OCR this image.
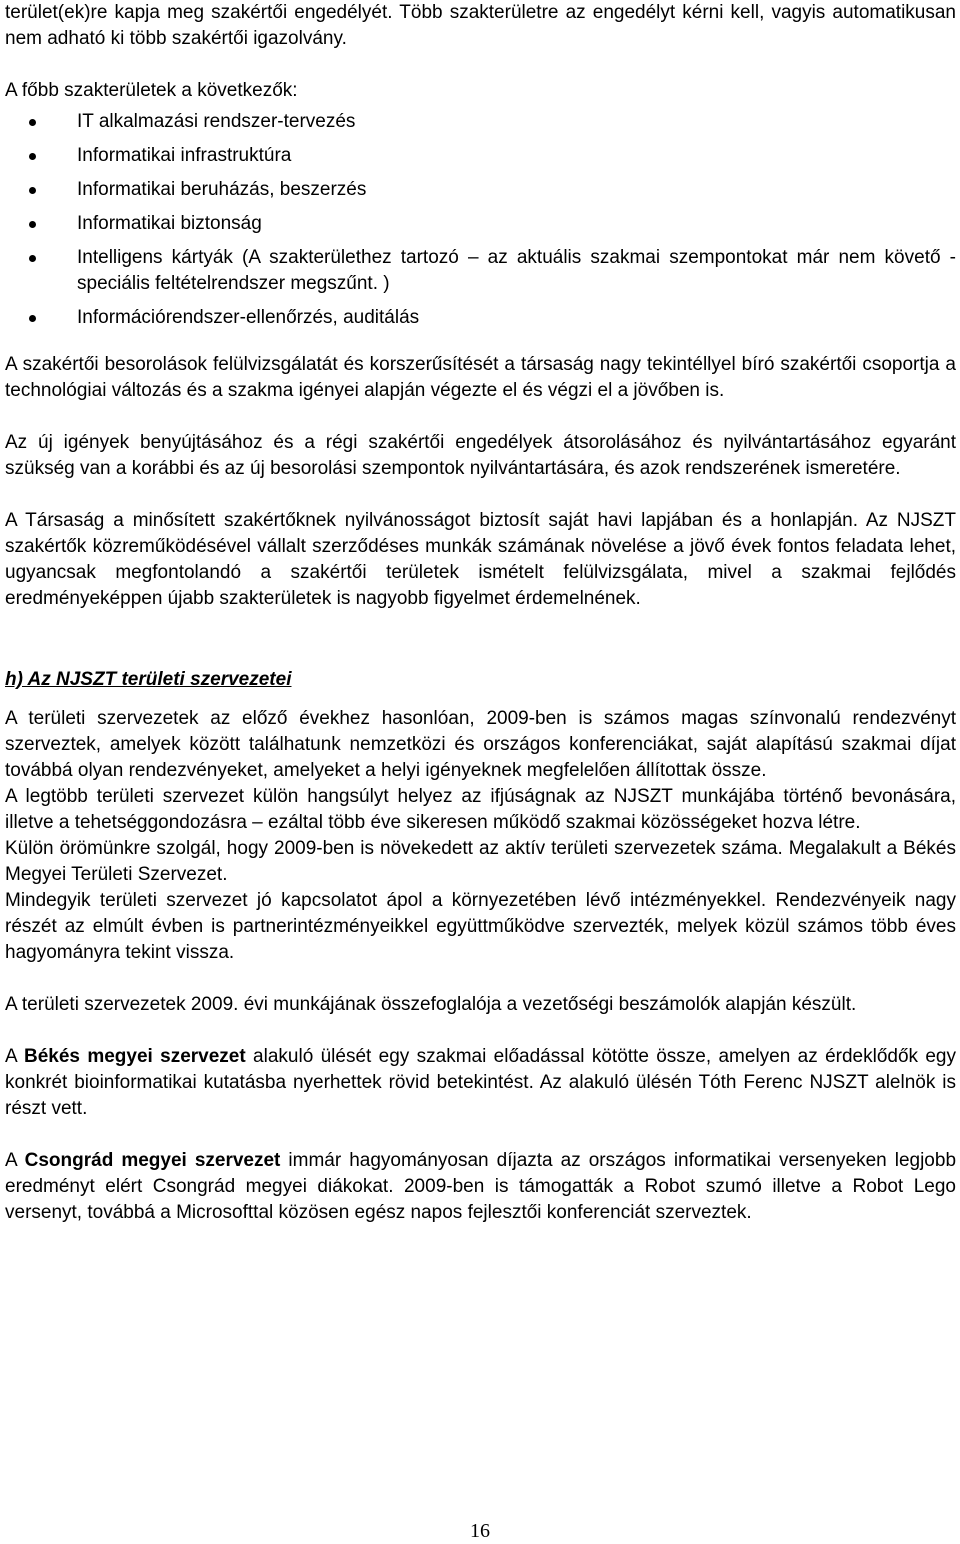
terület(ek)re kapja meg szakértői engedélyét. Több szakterületre az engedélyt kérni kell, vagyis automatikusan nem adható ki több szakértői igazolvány.

A főbb szakterületek a következők:

IT alkalmazási rendszer-tervezés
Informatikai infrastruktúra
Informatikai beruházás, beszerzés
Informatikai biztonság
Intelligens kártyák (A szakterülethez tartozó – az aktuális szakmai szempontokat már nem követő - speciális feltételrendszer megszűnt. )
Információrendszer-ellenőrzés, auditálás

A szakértői besorolások felülvizsgálatát és korszerűsítését a társaság nagy tekintéllyel bíró szakértői csoportja a technológiai változás és a szakma igényei alapján végezte el és végzi el a jövőben is.

Az új igények benyújtásához és a régi szakértői engedélyek átsorolásához és nyilvántartásához egyaránt szükség van a korábbi és az új besorolási szempontok nyilvántartására, és azok rendszerének ismeretére.

A Társaság a minősített szakértőknek nyilvánosságot biztosít saját havi lapjában és a honlapján. Az NJSZT szakértők közreműködésével vállalt szerződéses munkák számának növelése a jövő évek fontos feladata lehet, ugyancsak megfontolandó a szakértői területek ismételt felülvizsgálata, mivel a szakmai fejlődés eredményeképpen újabb szakterületek is nagyobb figyelmet érdemelnének.

h) Az NJSZT területi szervezetei

A területi szervezetek az előző évekhez hasonlóan, 2009-ben is számos magas színvonalú rendezvényt szerveztek, amelyek között találhatunk nemzetközi és országos konferenciákat, saját alapítású szakmai díjat továbbá olyan rendezvényeket, amelyeket a helyi igényeknek megfelelően állítottak össze.

A legtöbb területi szervezet külön hangsúlyt helyez az ifjúságnak az NJSZT munkájába történő bevonására, illetve a tehetséggondozásra – ezáltal több éve sikeresen működő szakmai közösségeket hozva létre.

Külön örömünkre szolgál, hogy 2009-ben is növekedett az aktív területi szervezetek száma. Megalakult a Békés Megyei Területi Szervezet.

Mindegyik területi szervezet jó kapcsolatot ápol a környezetében lévő intézményekkel. Rendezvényeik nagy részét az elmúlt évben is partnerintézményeikkel együttműködve szervezték, melyek közül számos több éves hagyományra tekint vissza.

A területi szervezetek 2009. évi munkájának összefoglalója a vezetőségi beszámolók alapján készült.

A Békés megyei szervezet alakuló ülését egy szakmai előadással kötötte össze, amelyen az érdeklődők egy konkrét bioinformatikai kutatásba nyerhettek rövid betekintést. Az alakuló ülésén Tóth Ferenc NJSZT alelnök is részt vett.

A Csongrád megyei szervezet immár hagyományosan díjazta az országos informatikai versenyeken legjobb eredményt elért Csongrád megyei diákokat. 2009-ben is támogatták a Robot szumó illetve a Robot Lego versenyt, továbbá a Microsofttal közösen egész napos fejlesztői konferenciát szerveztek.

16
